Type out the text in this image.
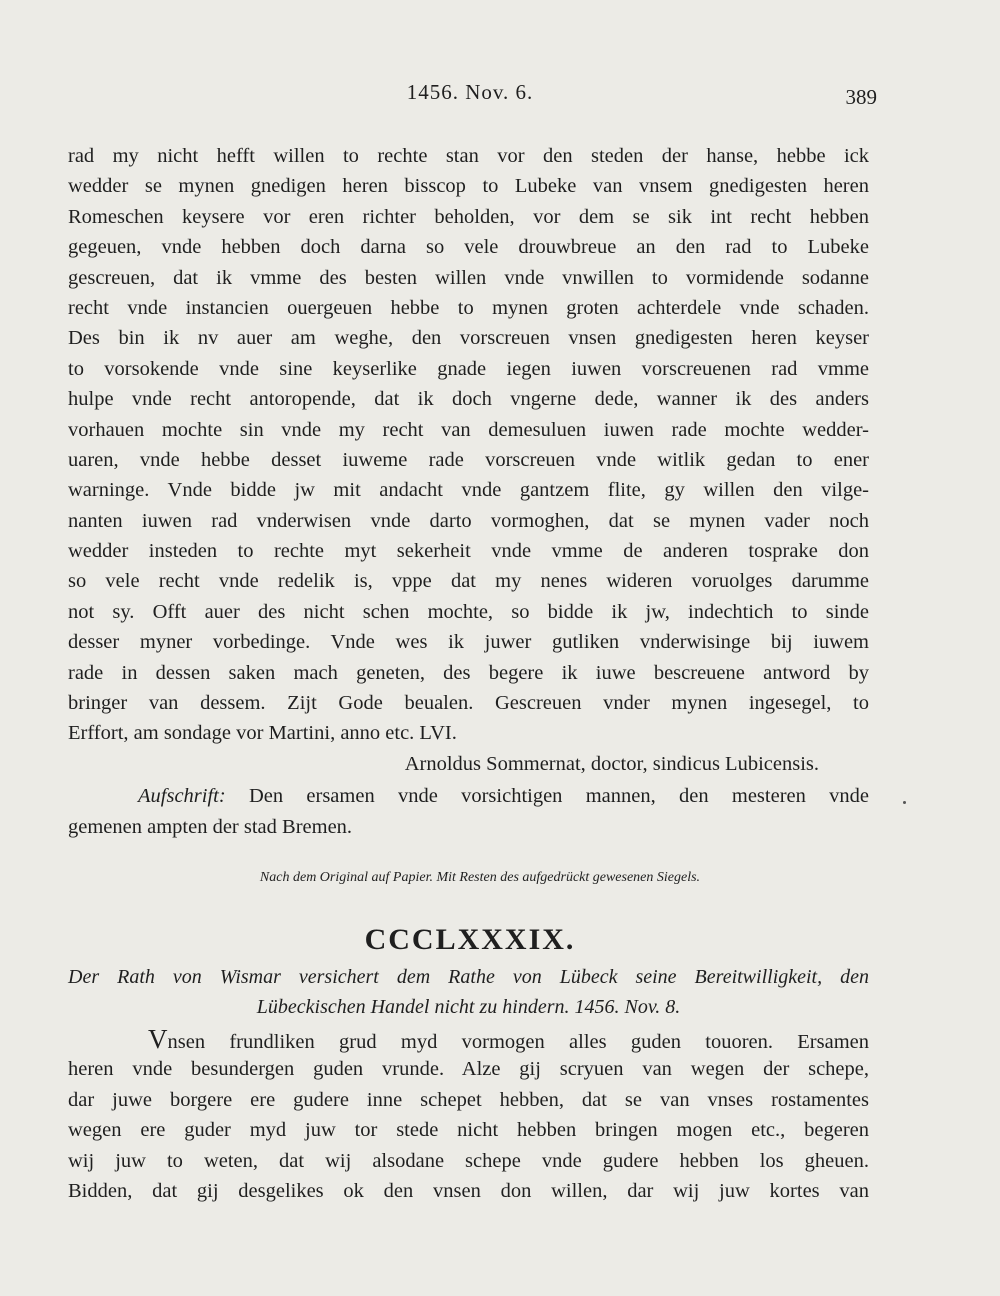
1456. Nov. 6.	389
rad my nicht hefft willen to rechte stan vor den steden der hanse, hebbe ick
wedder se mynen gnedigen heren bisscop to Lubeke van vnsem gnedigesten heren
Romeschen keysere vor eren richter beholden, vor dem se sik int recht hebben
gegeuen, vnde hebben doch darna so vele drouwbreue an den rad to Lubeke
gescreuen, dat ik vmme des besten willen vnde vnwillen to vormidende sodanne
recht vnde instancien ouergeuen hebbe to mynen groten achterdele vnde schaden.
Des bin ik nv auer am weghe, den vorscreuen vnsen gnedigesten heren keyser
to vorsokende vnde sine keyserlike gnade iegen iuwen vorscreuenen rad vmme
hulpe vnde recht antoropende, dat ik doch vngerne dede, wanner ik des anders
vorhauen mochte sin vnde my recht van demesuluen iuwen rade mochte wedder-
uaren, vnde hebbe desset iuweme rade vorscreuen vnde witlik gedan to ener
warninge. Vnde bidde jw mit andacht vnde gantzem flite, gy willen den vilge-
nanten iuwen rad vnderwisen vnde darto vormoghen, dat se mynen vader noch
wedder insteden to rechte myt sekerheit vnde vmme de anderen tosprake don
so vele recht vnde redelik is, vppe dat my nenes wideren voruolges darumme
not sy. Offt auer des nicht schen mochte, so bidde ik jw, indechtich to sinde
desser myner vorbedinge. Vnde wes ik juwer gutliken vnderwisinge bij iuwem
rade in dessen saken mach geneten, des begere ik iuwe bescreuene antword by
bringer van dessem. Zijt Gode beualen. Gescreuen vnder mynen ingesegel, to
Erffort, am sondage vor Martini, anno etc. LVI.
Arnoldus Sommernat, doctor, sindicus Lubicensis.
Aufschrift: Den ersamen vnde vorsichtigen mannen, den mesteren vnde
gemenen ampten der stad Bremen.
Nach dem Original auf Papier. Mit Resten des aufgedrückt gewesenen Siegels.
CCCLXXXIX.
Der Rath von Wismar versichert dem Rathe von Lübeck seine Bereitwilligkeit, den
Lübeckischen Handel nicht zu hindern. 1456. Nov. 8.
Vnsen frundliken grud myd vormogen alles guden touoren. Ersamen
heren vnde besundergen guden vrunde. Alze gij scryuen van wegen der schepe,
dar juwe borgere ere gudere inne schepet hebben, dat se van vnses rostamentes
wegen ere guder myd juw tor stede nicht hebben bringen mogen etc., begeren
wij juw to weten, dat wij alsodane schepe vnde gudere hebben los gheuen.
Bidden, dat gij desgelikes ok den vnsen don willen, dar wij juw kortes van
